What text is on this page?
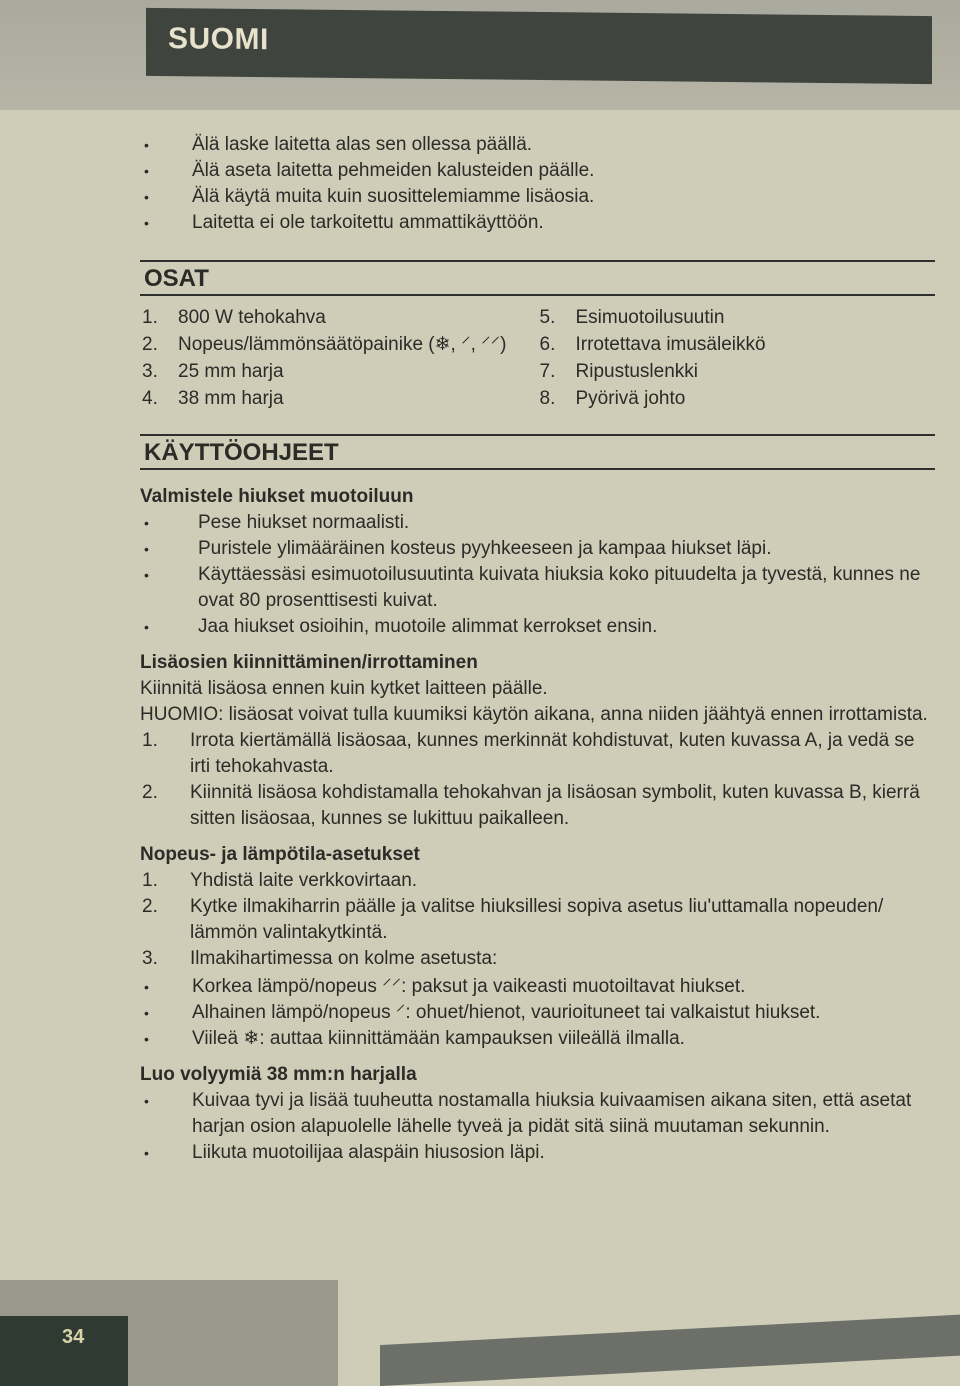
SUOMI
• Älä laske laitetta alas sen ollessa päällä.
• Älä aseta laitetta pehmeiden kalusteiden päälle.
• Älä käytä muita kuin suosittelemiamme lisäosia.
• Laitetta ei ole tarkoitettu ammattikäyttöön.
OSAT
1. 800 W tehokahva
2. Nopeus/lämmönsäätöpainike (❄, ⸍, ⸍⸍)
3. 25 mm harja
4. 38 mm harja
5. Esimuotoilusuutin
6. Irrotettava imusäleikkö
7. Ripustuslenkki
8. Pyörivä johto
KÄYTTÖOHJEET
Valmistele hiukset muotoiluun
• Pese hiukset normaalisti.
• Puristele ylimääräinen kosteus pyyhkeeseen ja kampaa hiukset läpi.
• Käyttäessäsi esimuotoilusuutinta kuivata hiuksia koko pituudelta ja tyvestä, kunnes ne ovat 80 prosenttisesti kuivat.
• Jaa hiukset osioihin, muotoile alimmat kerrokset ensin.
Lisäosien kiinnittäminen/irrottaminen

Kiinnitä lisäosa ennen kuin kytket laitteen päälle.

HUOMIO: lisäosat voivat tulla kuumiksi käytön aikana, anna niiden jäähtyä ennen irrottamista.

1. Irrota kiertämällä lisäosaa, kunnes merkinnät kohdistuvat, kuten kuvassa A, ja vedä se irti tehokahvasta.
2. Kiinnitä lisäosa kohdistamalla tehokahvan ja lisäosan symbolit, kuten kuvassa B, kierrä sitten lisäosaa, kunnes se lukittuu paikalleen.
Nopeus- ja lämpötila-asetukset
1. Yhdistä laite verkkovirtaan.
2. Kytke ilmakiharrin päälle ja valitse hiuksillesi sopiva asetus liu'uttamalla nopeuden/ lämmön valintakytkintä.
3. Ilmakihartimessa on kolme asetusta:
• Korkea lämpö/nopeus ⸍⸍: paksut ja vaikeasti muotoiltavat hiukset.
• Alhainen lämpö/nopeus ⸍: ohuet/hienot, vaurioituneet tai valkaistut hiukset.
• Viileä ❄: auttaa kiinnittämään kampauksen viileällä ilmalla.
Luo volyymiä 38 mm:n harjalla
• Kuivaa tyvi ja lisää tuuheutta nostamalla hiuksia kuivaamisen aikana siten, että asetat harjan osion alapuolelle lähelle tyveä ja pidät sitä siinä muutaman sekunnin.
• Liikuta muotoilijaa alaspäin hiusosion läpi.
34
